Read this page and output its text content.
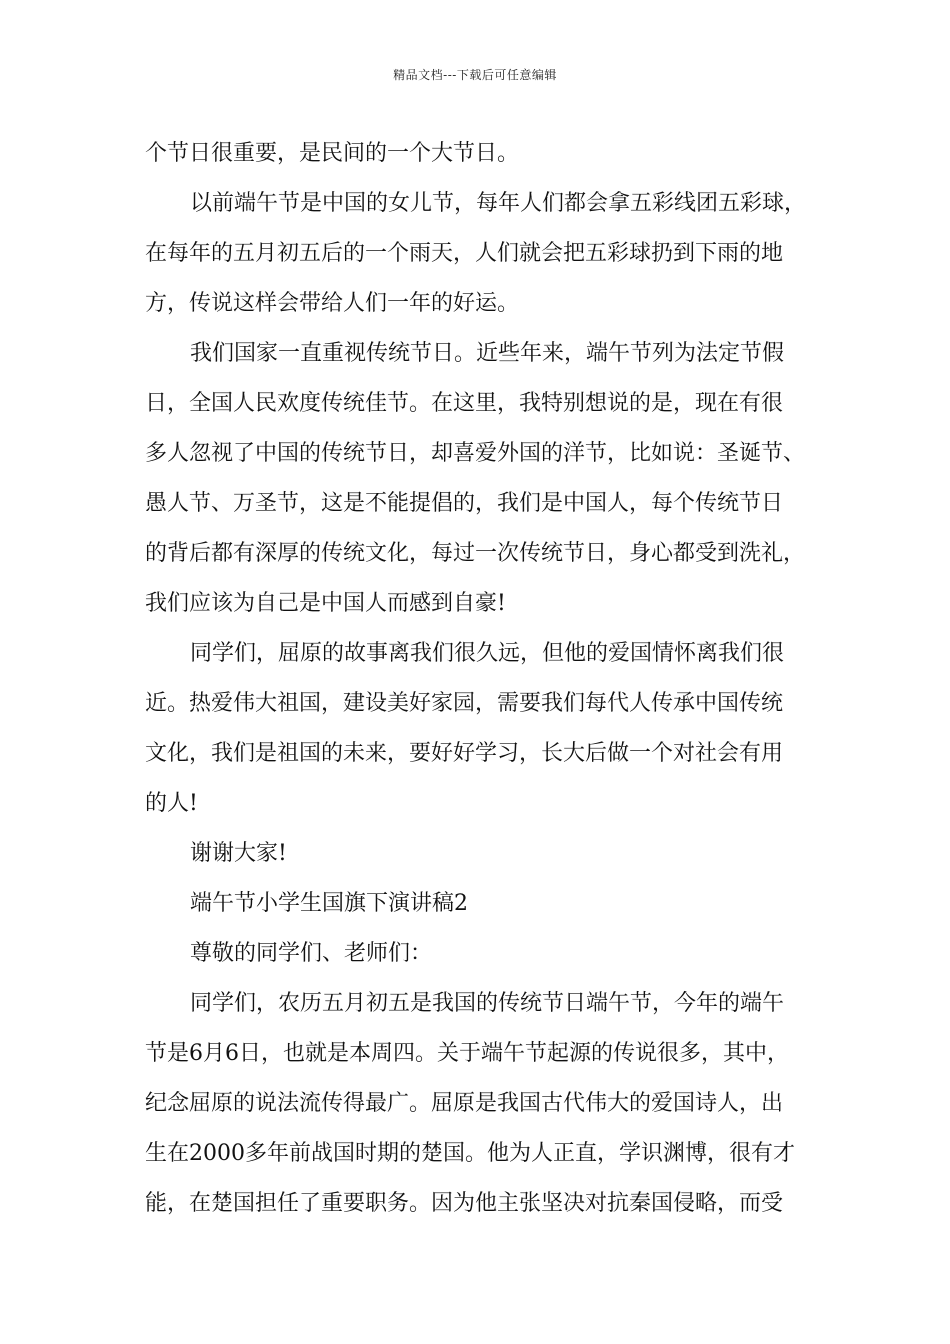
精品文档---下载后可任意编辑
个节日很重要，是民间的一个大节日。
以前端午节是中国的女儿节，每年人们都会拿五彩线团五彩球，
在每年的五月初五后的一个雨天，人们就会把五彩球扔到下雨的地
方，传说这样会带给人们一年的好运。
我们国家一直重视传统节日。近些年来，端午节列为法定节假
日，全国人民欢度传统佳节。在这里，我特别想说的是，现在有很
多人忽视了中国的传统节日，却喜爱外国的洋节，比如说：圣诞节、
愚人节、万圣节，这是不能提倡的，我们是中国人，每个传统节日
的背后都有深厚的传统文化，每过一次传统节日，身心都受到洗礼，
我们应该为自己是中国人而感到自豪!
同学们，屈原的故事离我们很久远，但他的爱国情怀离我们很
近。热爱伟大祖国，建设美好家园，需要我们每代人传承中国传统
文化，我们是祖国的未来，要好好学习，长大后做一个对社会有用
的人!
谢谢大家!
端午节小学生国旗下演讲稿2
尊敬的同学们、老师们：
同学们，农历五月初五是我国的传统节日端午节，今年的端午
节是6月6日，也就是本周四。关于端午节起源的传说很多，其中，
纪念屈原的说法流传得最广。屈原是我国古代伟大的爱国诗人，出
生在2000多年前战国时期的楚国。他为人正直，学识渊博，很有才
能，在楚国担任了重要职务。因为他主张坚决对抗秦国侵略，而受
